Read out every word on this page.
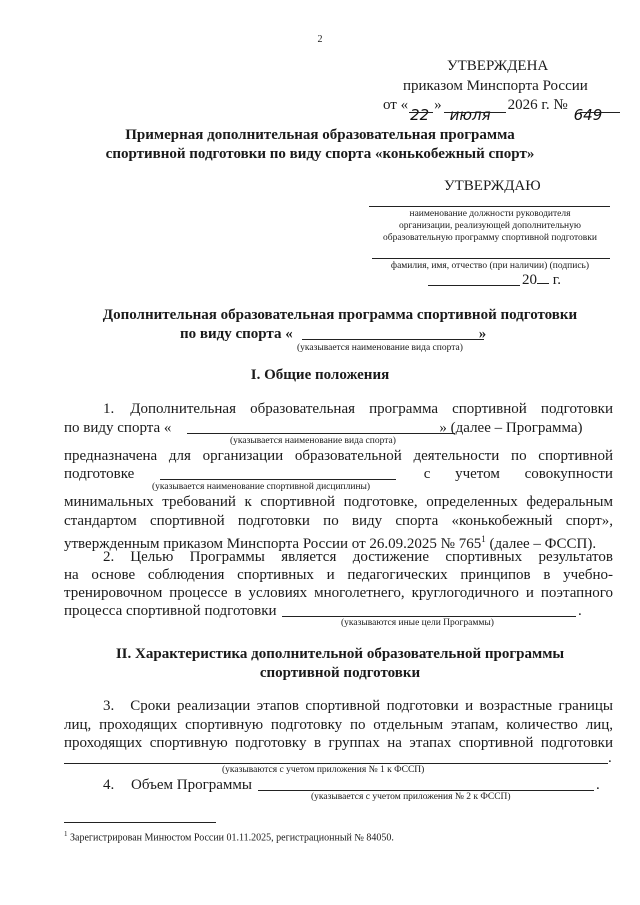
2
УТВЕРЖДЕНА
приказом Минспорта России
от «
22
»
июля
2026 г. №
649
Примерная дополнительная образовательная программа
спортивной подготовки по виду спорта «конькобежный спорт»
УТВЕРЖДАЮ
наименование должности руководителя
организации, реализующей дополнительную
образовательную программу спортивной подготовки
фамилия, имя, отчество (при наличии) (подпись)
20 г.
Дополнительная образовательная программа спортивной подготовки
по виду спорта «	»
(указывается наименование вида спорта)
I. Общие положения
1. Дополнительная образовательная программа спортивной подготовки
по виду спорта «	» (далее – Программа)
(указывается наименование вида спорта)
предназначена для организации образовательной деятельности по спортивной
подготовке	с учетом совокупности
(указывается наименование спортивной дисциплины)
минимальных требований к спортивной подготовке, определенных федеральным
стандартом спортивной подготовки по виду спорта «конькобежный спорт»,
утвержденным приказом Минспорта России от 26.09.2025 № $765^1$ (далее – ФССП).
2. Целью Программы является достижение спортивных результатов
на основе соблюдения спортивных и педагогических принципов в учебно-
тренировочном процессе в условиях многолетнего, круглогодичного и поэтапного
процесса спортивной подготовки	.
(указываются иные цели Программы)
II. Характеристика дополнительной образовательной программы
спортивной подготовки
3. Сроки реализации этапов спортивной подготовки и возрастные границы
лиц, проходящих спортивную подготовку по отдельным этапам, количество лиц,
проходящих спортивную подготовку в группах на этапах спортивной подготовки
.
(указываются с учетом приложения № 1 к ФССП)
4. Объем Программы	.
(указывается с учетом приложения № 2 к ФССП)
$^1$ Зарегистрирован Минюстом России 01.11.2025, регистрационный № 84050.
